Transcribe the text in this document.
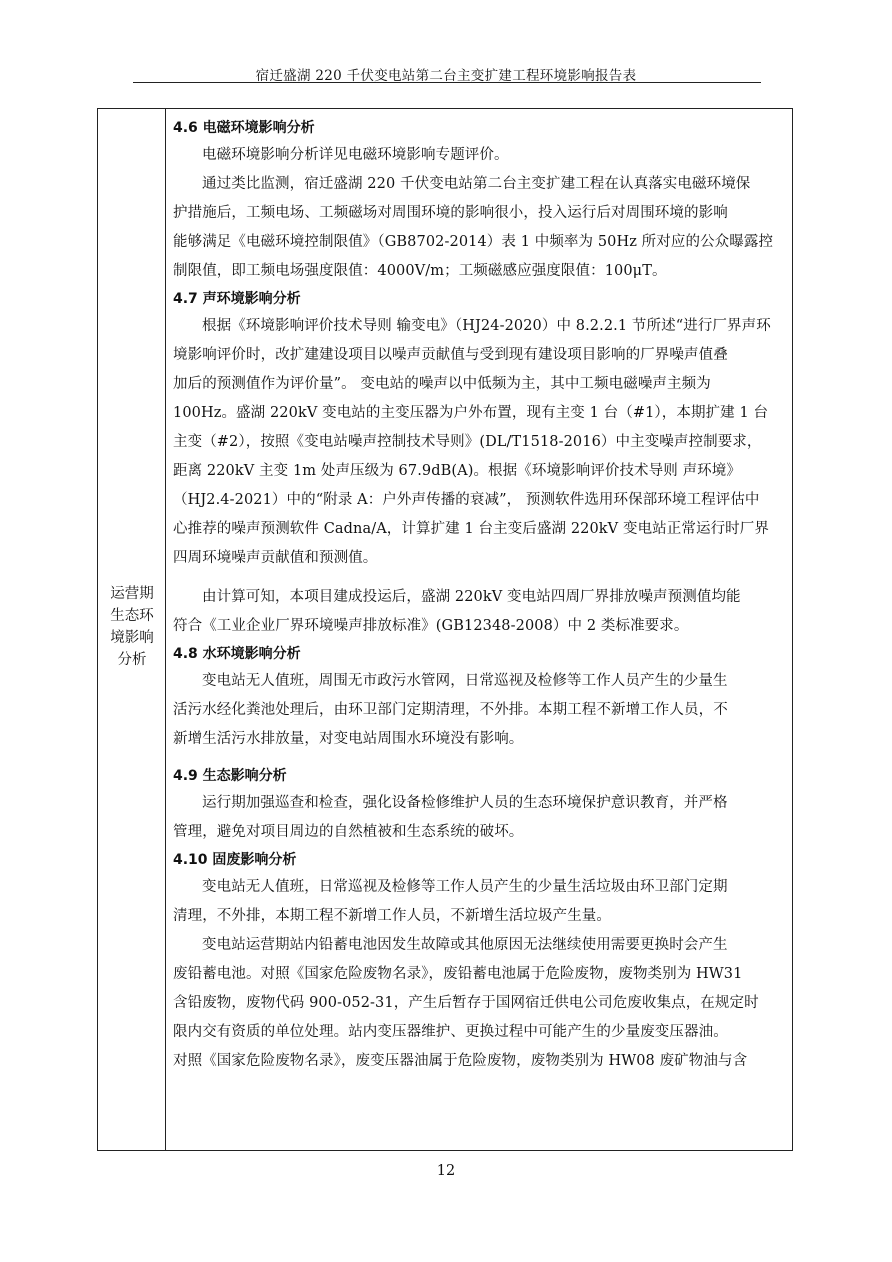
宿迁盛湖 220 千伏变电站第二台主变扩建工程环境影响报告表
运营期
生态环
境影响
分析
4.6 电磁环境影响分析
电磁环境影响分析详见电磁环境影响专题评价。
通过类比监测，宿迁盛湖 220 千伏变电站第二台主变扩建工程在认真落实电磁环境保
护措施后，工频电场、工频磁场对周围环境的影响很小，投入运行后对周围环境的影响
能够满足《电磁环境控制限值》（GB8702-2014）表 1 中频率为 50Hz 所对应的公众曝露控
制限值，即工频电场强度限值：4000V/m；工频磁感应强度限值：100μT。
4.7 声环境影响分析
根据《环境影响评价技术导则 输变电》（HJ24-2020）中 8.2.2.1 节所述“进行厂界声环
境影响评价时，改扩建建设项目以噪声贡献值与受到现有建设项目影响的厂界噪声值叠
加后的预测值作为评价量”。 变电站的噪声以中低频为主，其中工频电磁噪声主频为
100Hz。盛湖 220kV 变电站的主变压器为户外布置，现有主变 1 台（#1），本期扩建 1 台
主变（#2），按照《变电站噪声控制技术导则》(DL/T1518-2016）中主变噪声控制要求，
距离 220kV 主变 1m 处声压级为 67.9dB(A)。根据《环境影响评价技术导则 声环境》
（HJ2.4-2021）中的“附录 A：户外声传播的衰减”， 预测软件选用环保部环境工程评估中
心推荐的噪声预测软件 Cadna/A，计算扩建 1 台主变后盛湖 220kV 变电站正常运行时厂界
四周环境噪声贡献值和预测值。
由计算可知，本项目建成投运后，盛湖 220kV 变电站四周厂界排放噪声预测值均能
符合《工业企业厂界环境噪声排放标准》(GB12348-2008）中 2 类标准要求。
4.8 水环境影响分析
变电站无人值班，周围无市政污水管网，日常巡视及检修等工作人员产生的少量生
活污水经化粪池处理后，由环卫部门定期清理，不外排。本期工程不新增工作人员，不
新增生活污水排放量，对变电站周围水环境没有影响。
4.9 生态影响分析
运行期加强巡查和检查，强化设备检修维护人员的生态环境保护意识教育，并严格
管理，避免对项目周边的自然植被和生态系统的破坏。
4.10 固废影响分析
变电站无人值班，日常巡视及检修等工作人员产生的少量生活垃圾由环卫部门定期
清理，不外排，本期工程不新增工作人员，不新增生活垃圾产生量。
变电站运营期站内铅蓄电池因发生故障或其他原因无法继续使用需要更换时会产生
废铅蓄电池。对照《国家危险废物名录》，废铅蓄电池属于危险废物，废物类别为 HW31
含铅废物，废物代码 900-052-31，产生后暂存于国网宿迁供电公司危废收集点，在规定时
限内交有资质的单位处理。站内变压器维护、更换过程中可能产生的少量废变压器油。
对照《国家危险废物名录》，废变压器油属于危险废物，废物类别为 HW08 废矿物油与含
12
